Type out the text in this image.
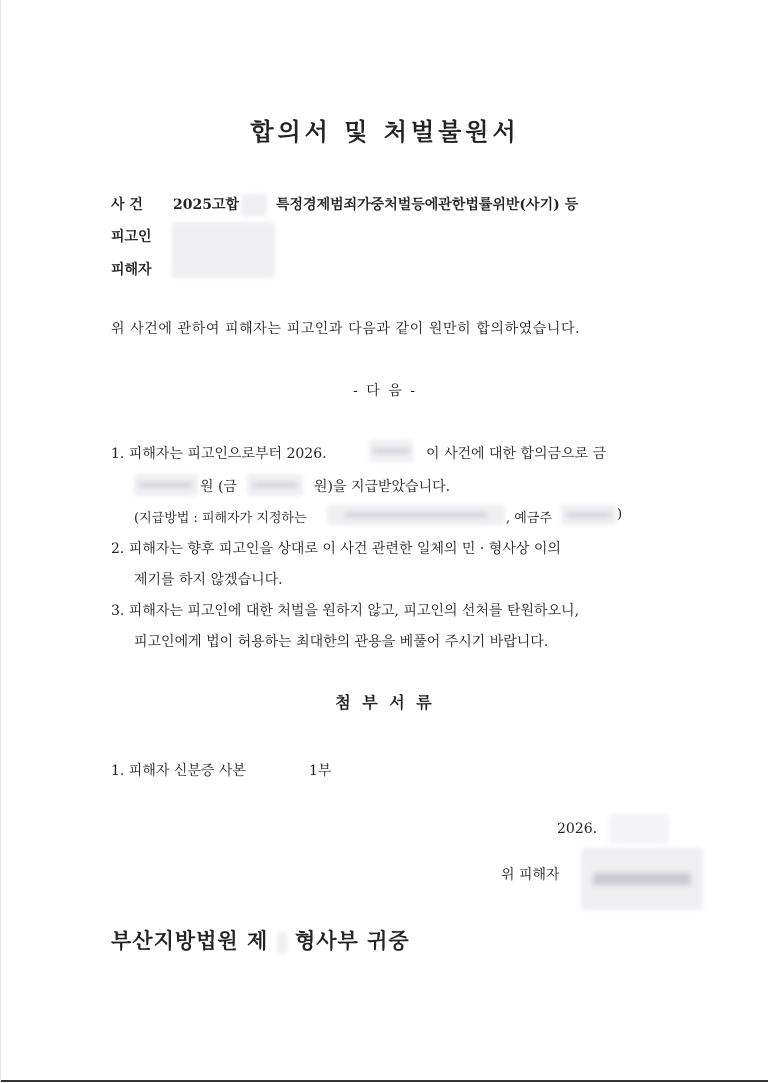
합의서 및 처벌불원서
사 건 2025고합	특정경제범죄가중처벌등에관한법률위반(사기) 등
피고인
피해자
위 사건에 관하여 피해자는 피고인과 다음과 같이 원만히 합의하였습니다.
- 다 음 -
1. 피해자는 피고인으로부터 2026.	이 사건에 대한 합의금으로 금
원 (금	원)을 지급받았습니다.
(지급방법 : 피해자가 지정하는	, 예금주	)
2. 피해자는 향후 피고인을 상대로 이 사건 관련한 일체의 민 · 형사상 이의
제기를 하지 않겠습니다.
3. 피해자는 피고인에 대한 처벌을 원하지 않고, 피고인의 선처를 탄원하오니,
피고인에게 법이 허용하는 최대한의 관용을 베풀어 주시기 바랍니다.
첨 부 서 류
1. 피해자 신분증 사본	1부
2026.
위 피해자
부산지방법원 제 형사부 귀중
